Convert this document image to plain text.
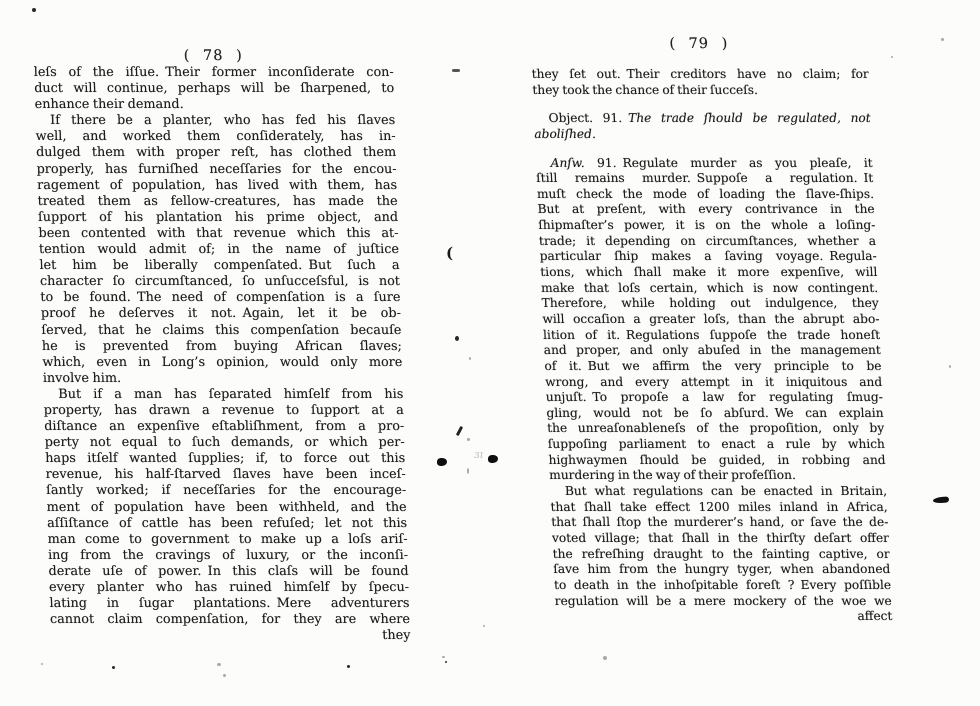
( 78 )
leſs of the iſſue. Their former inconſiderate con-
duct will continue, perhaps will be ſharpened, to
enhance their demand.
If there be a planter, who has fed his ſlaves
well, and worked them conſiderately, has in-
dulged them with proper reſt, has clothed them
properly, has furniſhed neceſſaries for the encou-
ragement of population, has lived with them, has
treated them as fellow-creatures, has made the
ſupport of his plantation his prime object, and
been contented with that revenue which this at-
tention would admit of; in the name of juſtice
let him be liberally compenſated. But ſuch a
character ſo circumſtanced, ſo unſucceſsful, is not
to be found. The need of compenſation is a ſure
proof he deſerves it not. Again, let it be ob-
ſerved, that he claims this compenſation becauſe
he is prevented from buying African ſlaves;
which, even in Long’s opinion, would only more
involve him.
But if a man has ſeparated himſelf from his
property, has drawn a revenue to ſupport at a
diſtance an expenſive eſtabliſhment, from a pro-
perty not equal to ſuch demands, or which per-
haps itſelf wanted ſupplies; if, to force out this
revenue, his half-ſtarved ſlaves have been inceſ-
ſantly worked; if neceſſaries for the encourage-
ment of population have been withheld, and the
aſſiſtance of cattle has been refuſed; let not this
man come to government to make up a loſs ariſ-
ing from the cravings of luxury, or the inconſi-
derate uſe of power. In this claſs will be found
every planter who has ruined himſelf by ſpecu-
lating in ſugar plantations. Mere adventurers
cannot claim compenſation, for they are where
they
( 79 )
they ſet out. Their creditors have no claim; for
they took the chance of their ſucceſs.
Object. 91. The trade ſhould be regulated, not
aboliſhed.
Anſw. 91. Regulate murder as you pleaſe, it
ſtill remains murder. Suppoſe a regulation. It
muſt check the mode of loading the ſlave-ſhips.
But at preſent, with every contrivance in the
ſhipmaſter’s power, it is on the whole a loſing-
trade; it depending on circumſtances, whether a
particular ſhip makes a ſaving voyage. Regula-
tions, which ſhall make it more expenſive, will
make that loſs certain, which is now contingent.
Therefore, while holding out indulgence, they
will occaſion a greater loſs, than the abrupt abo-
lition of it. Regulations ſuppoſe the trade honeſt
and proper, and only abuſed in the management
of it. But we affirm the very principle to be
wrong, and every attempt in it iniquitous and
unjuſt. To propoſe a law for regulating ſmug-
gling, would not be ſo abſurd. We can explain
the unreaſonableneſs of the propoſition, only by
ſuppoſing parliament to enact a rule by which
highwaymen ſhould be guided, in robbing and
murdering in the way of their profeſſion.
But what regulations can be enacted in Britain,
that ſhall take effect 1200 miles inland in Africa,
that ſhall ſtop the murderer’s hand, or ſave the de-
voted village; that ſhall in the thirſty deſart offer
the refreſhing draught to the fainting captive, or
ſave him from the hungry tyger, when abandoned
to death in the inhoſpitable foreſt ? Every poſſible
regulation will be a mere mockery of the woe we
affect
(
ɜı
